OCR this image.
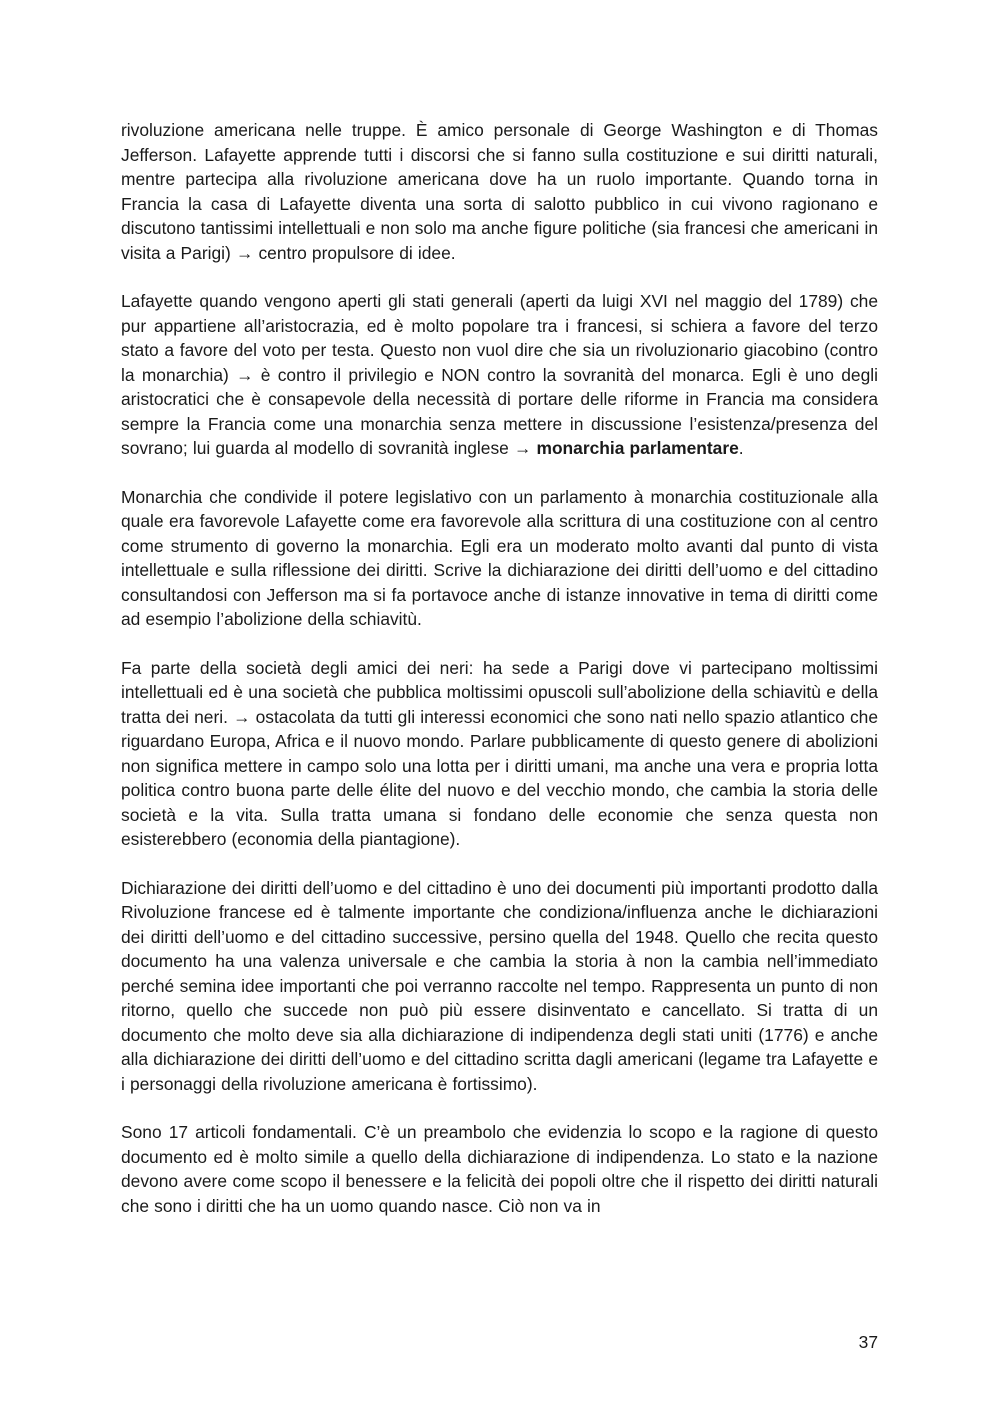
rivoluzione americana nelle truppe. È amico personale di George Washington e di Thomas Jefferson. Lafayette apprende tutti i discorsi che si fanno sulla costituzione e sui diritti naturali, mentre partecipa alla rivoluzione americana dove ha un ruolo importante. Quando torna in Francia la casa di Lafayette diventa una sorta di salotto pubblico in cui vivono ragionano e discutono tantissimi intellettuali e non solo ma anche figure politiche (sia francesi che americani in visita a Parigi) → centro propulsore di idee.

Lafayette quando vengono aperti gli stati generali (aperti da luigi XVI nel maggio del 1789) che pur appartiene all’aristocrazia, ed è molto popolare tra i francesi, si schiera a favore del terzo stato a favore del voto per testa. Questo non vuol dire che sia un rivoluzionario giacobino (contro la monarchia) → è contro il privilegio e NON contro la sovranità del monarca. Egli è uno degli aristocratici che è consapevole della necessità di portare delle riforme in Francia ma considera sempre la Francia come una monarchia senza mettere in discussione l’esistenza/presenza del sovrano; lui guarda al modello di sovranità inglese → monarchia parlamentare.

Monarchia che condivide il potere legislativo con un parlamento à monarchia costituzionale alla quale era favorevole Lafayette come era favorevole alla scrittura di una costituzione con al centro come strumento di governo la monarchia. Egli era un moderato molto avanti dal punto di vista intellettuale e sulla riflessione dei diritti. Scrive la dichiarazione dei diritti dell’uomo e del cittadino consultandosi con Jefferson ma si fa portavoce anche di istanze innovative in tema di diritti come ad esempio l’abolizione della schiavitù.

Fa parte della società degli amici dei neri: ha sede a Parigi dove vi partecipano moltissimi intellettuali ed è una società che pubblica moltissimi opuscoli sull’abolizione della schiavitù e della tratta dei neri. → ostacolata da tutti gli interessi economici che sono nati nello spazio atlantico che riguardano Europa, Africa e il nuovo mondo. Parlare pubblicamente di questo genere di abolizioni non significa mettere in campo solo una lotta per i diritti umani, ma anche una vera e propria lotta politica contro buona parte delle élite del nuovo e del vecchio mondo, che cambia la storia delle società e la vita. Sulla tratta umana si fondano delle economie che senza questa non esisterebbero (economia della piantagione).

Dichiarazione dei diritti dell’uomo e del cittadino è uno dei documenti più importanti prodotto dalla Rivoluzione francese ed è talmente importante che condiziona/influenza anche le dichiarazioni dei diritti dell’uomo e del cittadino successive, persino quella del 1948. Quello che recita questo documento ha una valenza universale e che cambia la storia à non la cambia nell’immediato perché semina idee importanti che poi verranno raccolte nel tempo. Rappresenta un punto di non ritorno, quello che succede non può più essere disinventato e cancellato. Si tratta di un documento che molto deve sia alla dichiarazione di indipendenza degli stati uniti (1776) e anche alla dichiarazione dei diritti dell’uomo e del cittadino scritta dagli americani (legame tra Lafayette e i personaggi della rivoluzione americana è fortissimo).

Sono 17 articoli fondamentali. C’è un preambolo che evidenzia lo scopo e la ragione di questo documento ed è molto simile a quello della dichiarazione di indipendenza. Lo stato e la nazione devono avere come scopo il benessere e la felicità dei popoli oltre che il rispetto dei diritti naturali che sono i diritti che ha un uomo quando nasce. Ciò non va in

37
